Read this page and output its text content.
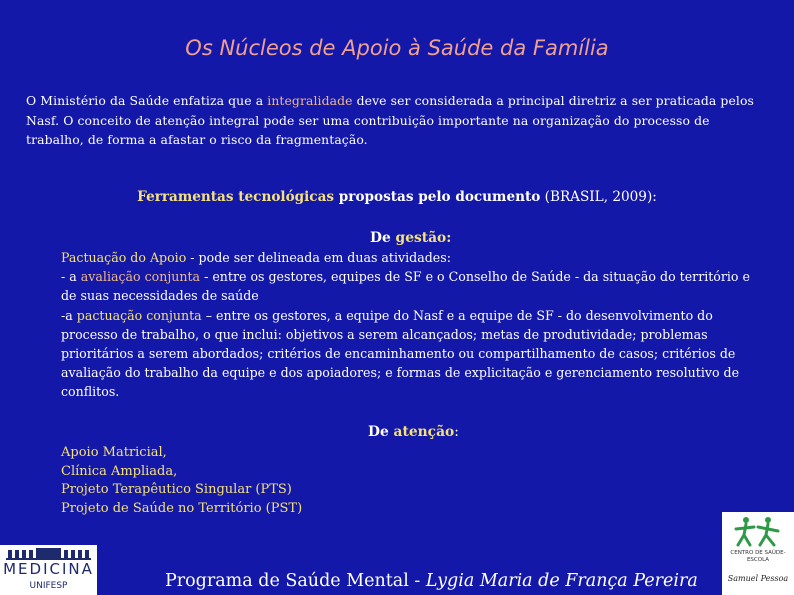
Os Núcleos de Apoio à Saúde da Família
O Ministério da Saúde enfatiza que a integralidade deve ser considerada a principal diretriz a ser praticada pelos Nasf. O conceito de atenção integral pode ser uma contribuição importante na organização do processo de trabalho, de forma a afastar o risco da fragmentação.
Ferramentas tecnológicas propostas pelo documento (BRASIL, 2009):
De gestão:
Pactuação do Apoio - pode ser delineada em duas atividades:
- a avaliação conjunta - entre os gestores, equipes de SF e o Conselho de Saúde - da situação do território e de suas necessidades de saúde
-a pactuação conjunta – entre os gestores, a equipe do Nasf e a equipe de SF - do desenvolvimento do processo de trabalho, o que inclui: objetivos a serem alcançados; metas de produtividade; problemas prioritários a serem abordados; critérios de encaminhamento ou compartilhamento de casos; critérios de avaliação do trabalho da equipe e dos apoiadores; e formas de explicitação e gerenciamento resolutivo de conflitos.
De atenção:
Apoio Matricial,
Clínica Ampliada,
Projeto Terapêutico Singular (PTS)
Projeto de Saúde no Território (PST)
MEDICINA
UNIFESP	Programa de Saúde Mental - Lygia Maria de França Pereira
CENTRO DE SAÚDE-ESCOLA
Samuel Pessoa
